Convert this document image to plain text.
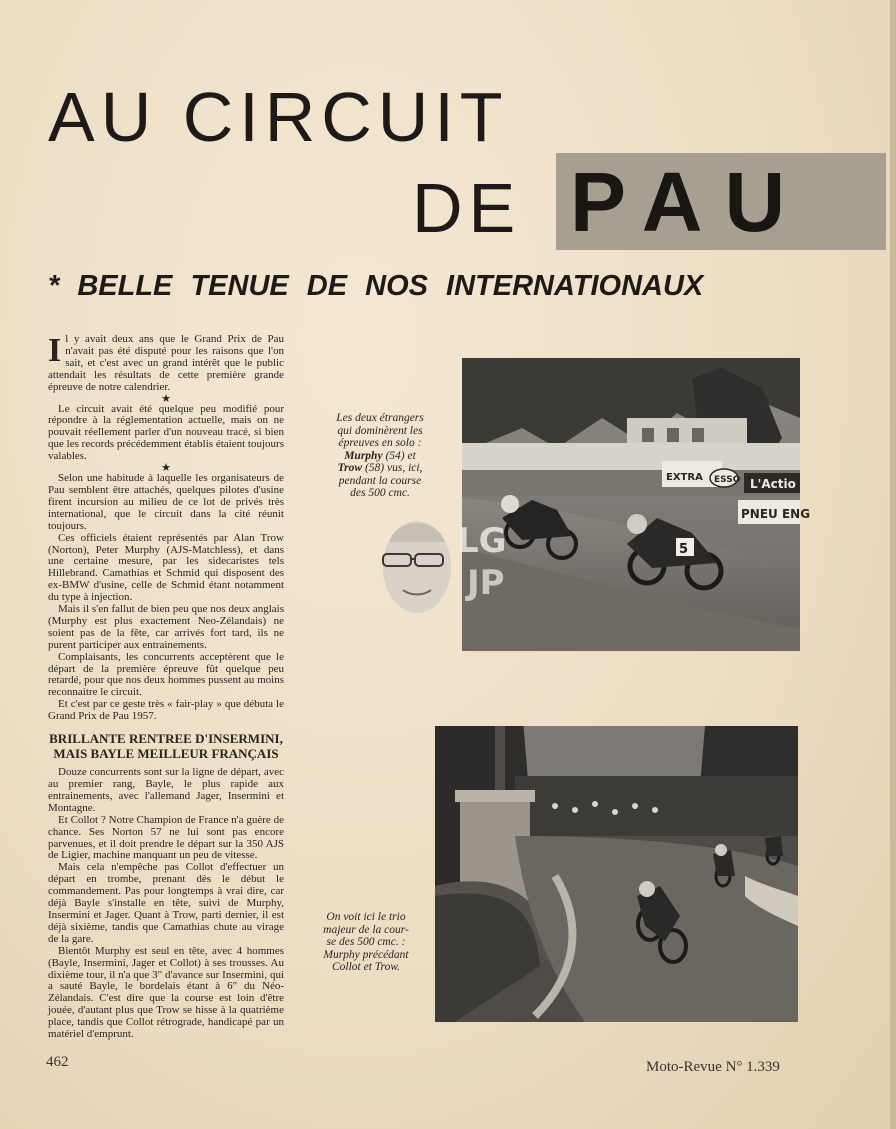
AU CIRCUIT
DE PAU
* BELLE TENUE DE NOS INTERNATIONAUX

Il y avait deux ans que le Grand Prix de Pau n'avait pas été disputé pour les raisons que l'on sait, et c'est avec un grand intérêt que le public attendait les résultats de cette première grande épreuve de notre calendrier.

★

Le circuit avait été quelque peu modifié pour répondre à la réglementation actuelle, mais on ne pouvait réellement parler d'un nouveau tracé, si bien que les records précédemment établis étaient toujours valables.

★

Selon une habitude à laquelle les organisateurs de Pau semblent être attachés, quelques pilotes d'usine firent incursion au milieu de ce lot de privés très international, que le circuit dans la cité réunit toujours.

Ces officiels étaient représentés par Alan Trow (Norton), Peter Murphy (AJS-Matchless), et dans une certaine mesure, par les sidecaristes tels Hillebrand. Camathias et Schmid qui disposent des ex-BMW d'usine, celle de Schmid étant notamment du type à injection.

Mais il s'en fallut de bien peu que nos deux anglais (Murphy est plus exactement Neo-Zélandais) ne soient pas de la fête, car arrivés fort tard, ils ne purent participer aux entrainements.

Complaisants, les concurrents acceptèrent que le départ de la première épreuve fût quelque peu retardé, pour que nos deux hommes pussent au moins reconnaitre le circuit.

Et c'est par ce geste très « fair-play » que débuta le Grand Prix de Pau 1957.

BRILLANTE RENTREE D'INSERMINI, MAIS BAYLE MEILLEUR FRANÇAIS

Douze concurrents sont sur la ligne de départ, avec au premier rang, Bayle, le plus rapide aux entrainements, avec l'allemand Jager, Insermini et Montagne.

Et Collot ? Notre Champion de France n'a guère de chance. Ses Norton 57 ne lui sont pas encore parvenues, et il doit prendre le départ sur la 350 AJS de Ligier, machine manquant un peu de vitesse.

Mais cela n'empêche pas Collot d'effectuer un départ en trombe, prenant dès le début le commandement. Pas pour longtemps à vrai dire, car déjà Bayle s'installe en tête, suivi de Murphy, Insermini et Jager. Quant à Trow, parti dernier, il est déjà sixième, tandis que Camathias chute au virage de la gare.

Bientôt Murphy est seul en tête, avec 4 hommes (Bayle, Insermini, Jager et Collot) à ses trousses. Au dixième tour, il n'a que 3" d'avance sur Insermini, qui a sauté Bayle, le bordelais étant à 6" du Néo-Zélandais. C'est dire que la course est loin d'être jouée, d'autant plus que Trow se hisse à la quatrième place, tandis que Collot rétrograde, handicapé par un matériel d'emprunt.

Les deux étrangers
qui dominèrent les
épreuves en solo :
Murphy (54) et
Trow (58) vus, ici,
pendant la course
des 500 cmc.
EXTRA ESSO L'Actio
PNEU ENG
5
LG
JP
On voit ici le trio
majeur de la cour-
se des 500 cmc. :
Murphy précédant
Collot et Trow.
462	Moto-Revue N° 1.339
